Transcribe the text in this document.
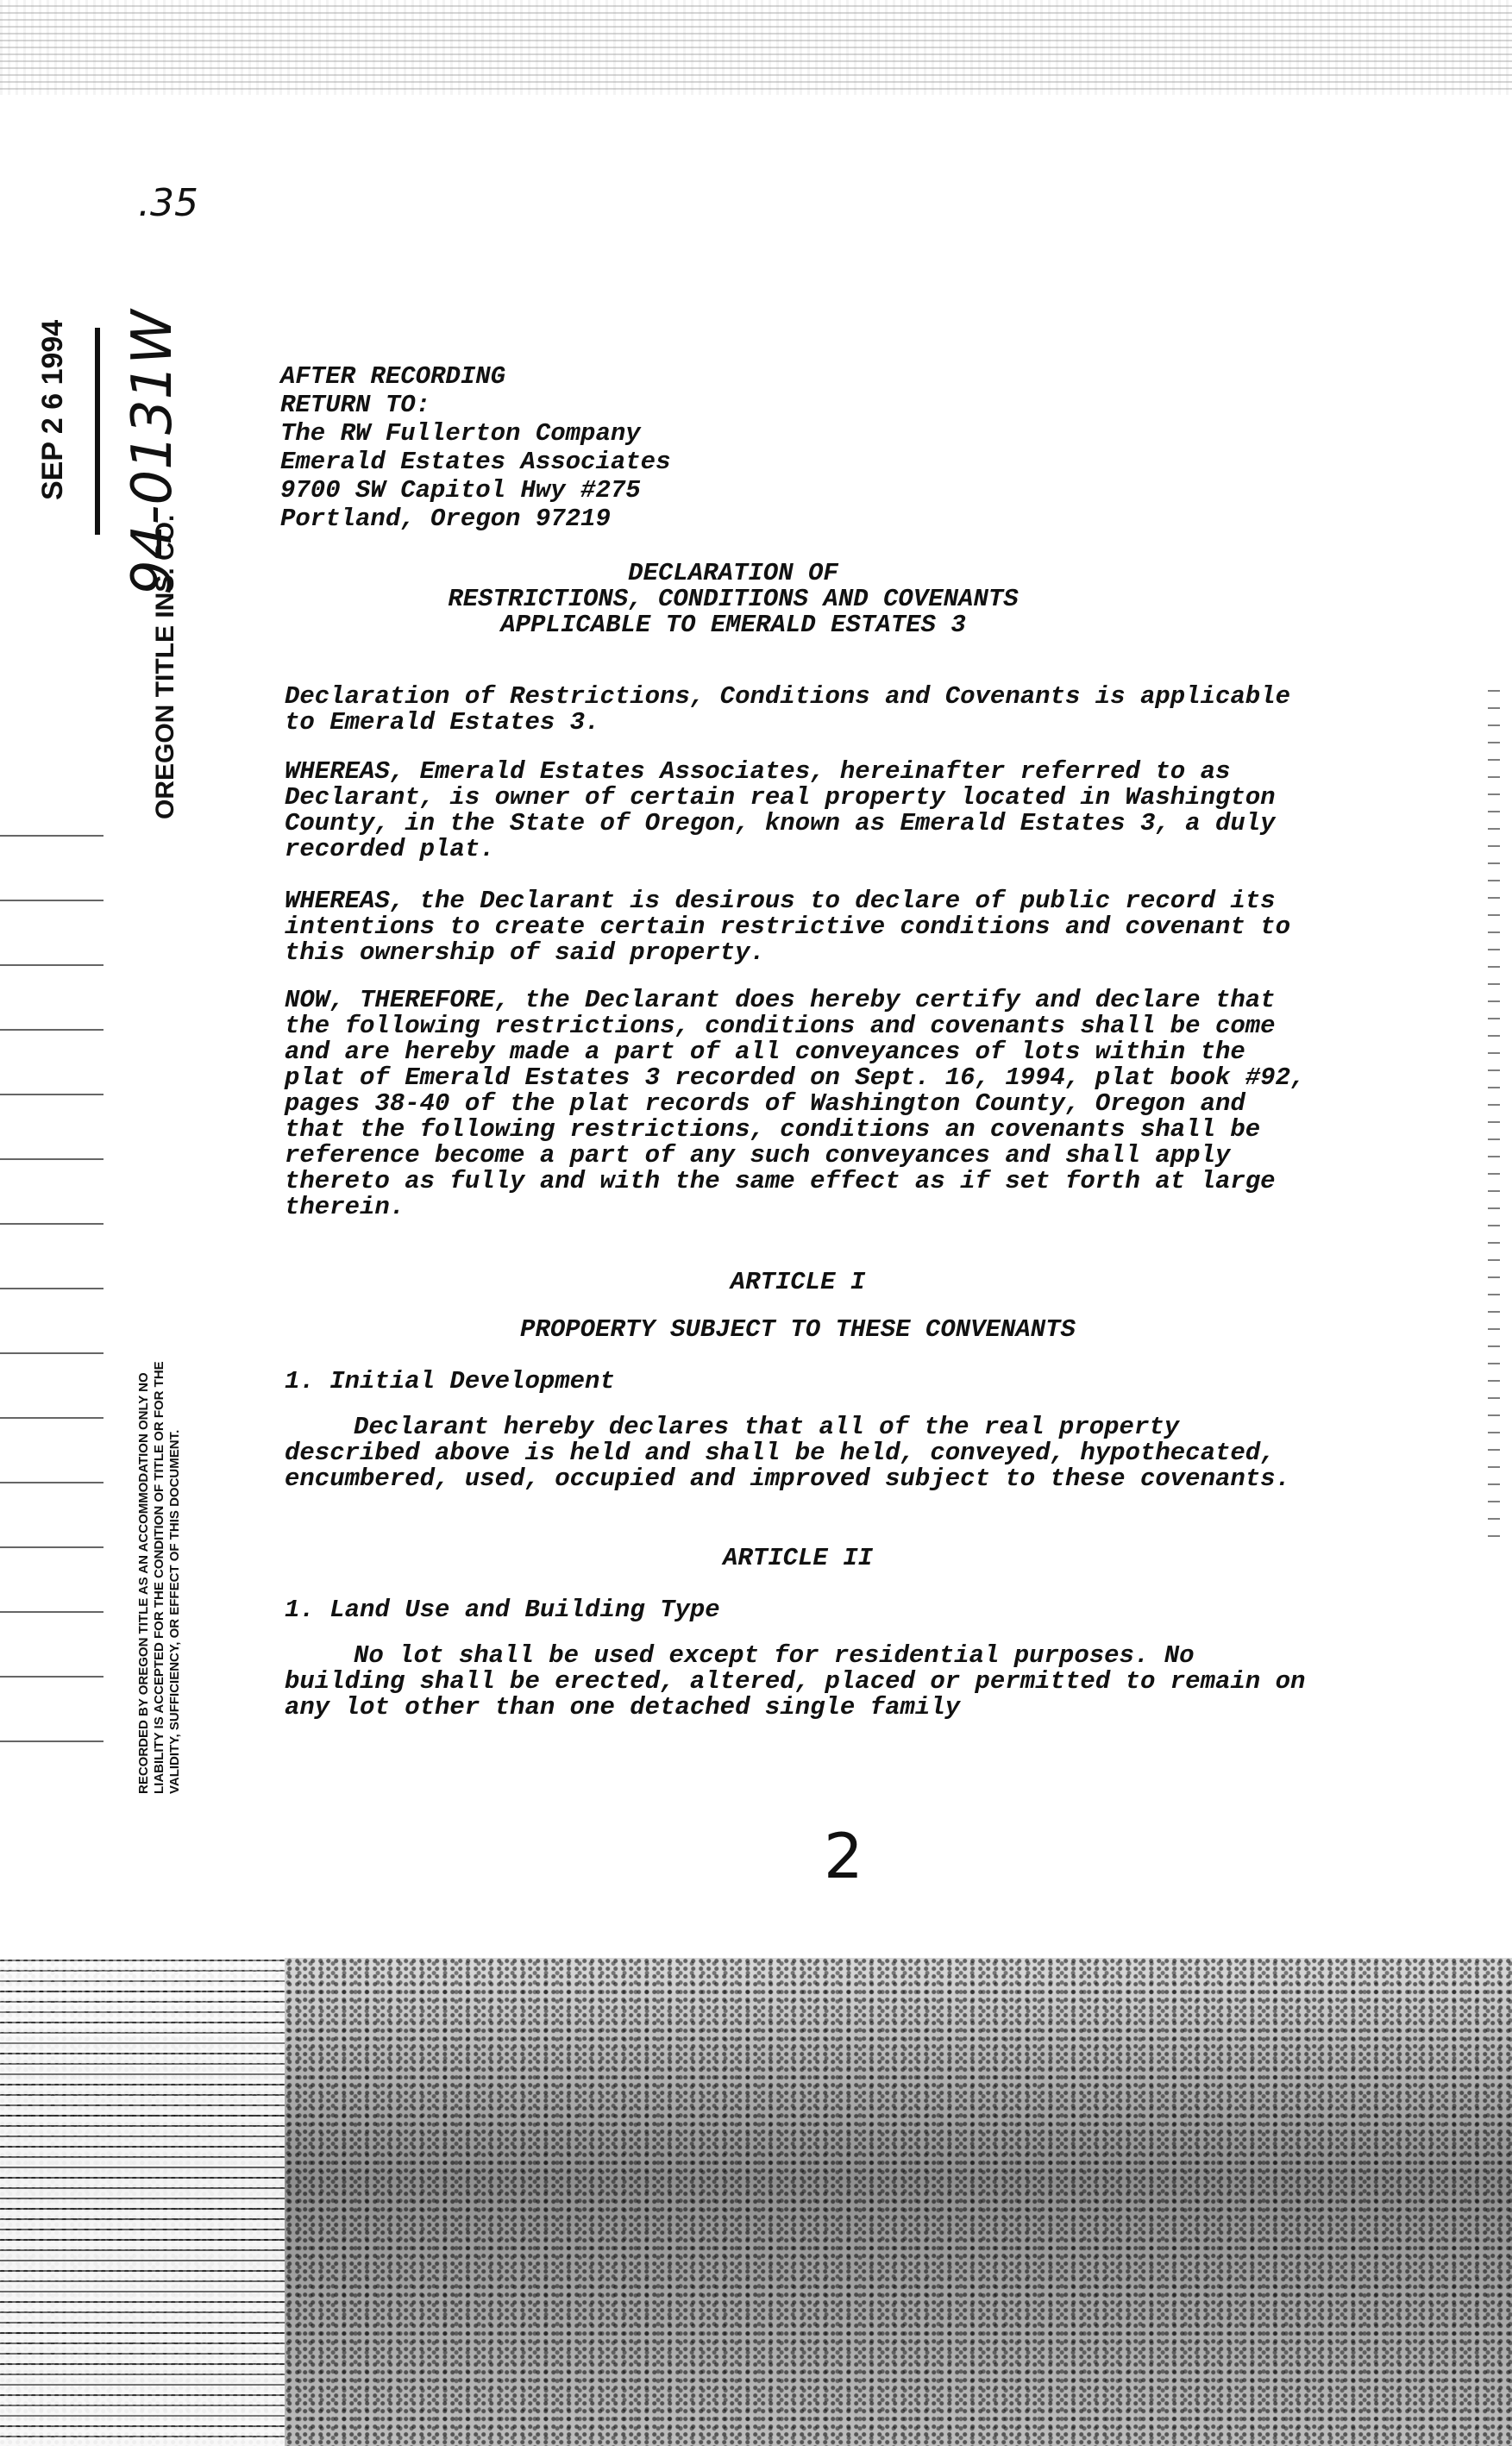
.35
SEP 2 6 1994 94-0131W
OREGON TITLE INS. CO.
RECORDED BY OREGON TITLE AS AN ACCOMMODATION ONLY NO LIABILITY IS ACCEPTED FOR THE CONDITION OF TITLE OR FOR THE VALIDITY, SUFFICIENCY, OR EFFECT OF THIS DOCUMENT.
AFTER RECORDING
RETURN TO:
The RW Fullerton Company
Emerald Estates Associates
9700 SW Capitol Hwy #275
Portland, Oregon 97219
DECLARATION OF
RESTRICTIONS, CONDITIONS AND COVENANTS
APPLICABLE TO EMERALD ESTATES 3

Declaration of Restrictions, Conditions and Covenants is applicable to Emerald Estates 3.

WHEREAS, Emerald Estates Associates, hereinafter referred to as Declarant, is owner of certain real property located in Washington County, in the State of Oregon, known as Emerald Estates 3, a duly recorded plat.

WHEREAS, the Declarant is desirous to declare of public record its intentions to create certain restrictive conditions and covenant to this ownership of said property.

NOW, THEREFORE, the Declarant does hereby certify and declare that the following restrictions, conditions and covenants shall be come and are hereby made a part of all conveyances of lots within the plat of Emerald Estates 3 recorded on Sept. 16, 1994, plat book #92, pages 38-40 of the plat records of Washington County, Oregon and that the following restrictions, conditions an covenants shall be reference become a part of any such conveyances and shall apply thereto as fully and with the same effect as if set forth at large therein.

ARTICLE I
PROPOERTY SUBJECT TO THESE CONVENANTS
1. Initial Development

Declarant hereby declares that all of the real property described above is held and shall be held, conveyed, hypothecated, encumbered, used, occupied and improved subject to these covenants.

ARTICLE II
1. Land Use and Building Type

No lot shall be used except for residential purposes. No building shall be erected, altered, placed or permitted to remain on any lot other than one detached single family

2
